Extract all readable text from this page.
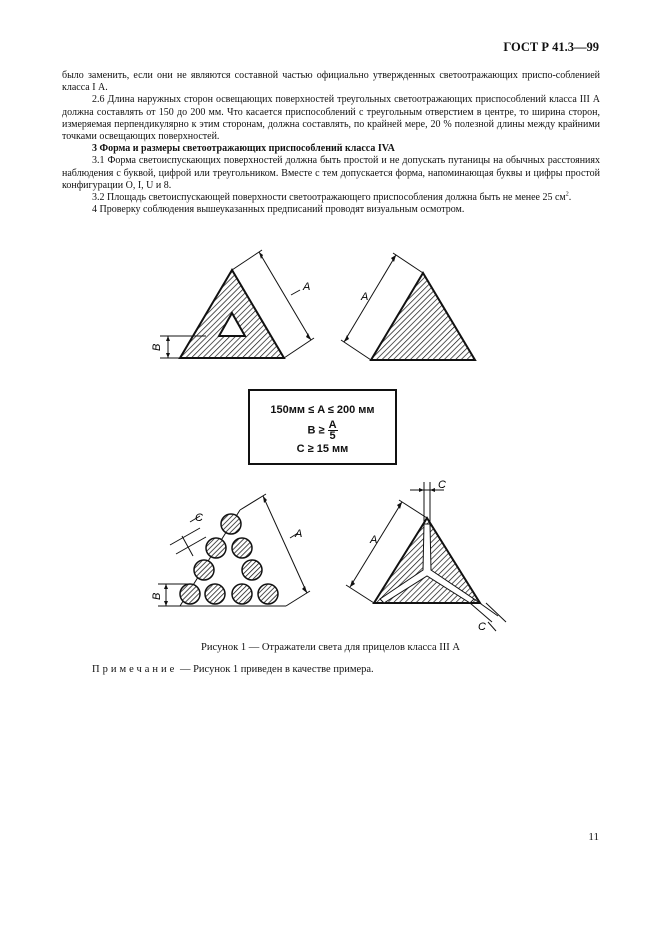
ГОСТ Р 41.3—99

было заменить, если они не являются составной частью официально утвержденных светоотражающих приспо-собленией класса I А.

2.6 Длина наружных сторон освещающих поверхностей треугольных светоотражающих приспособлений класса III А должна составлять от 150 до 200 мм. Что касается приспособлений с треугольным отверстием в центре, то ширина сторон, измеряемая перпендикулярно к этим сторонам, должна составлять, по крайней мере, 20 % полезной длины между крайними точками освещающих поверхностей.

3 Форма и размеры светоотражающих приспособлений класса IVA

3.1 Форма светоиспускающих поверхностей должна быть простой и не допускать путаницы на обычных расстояниях наблюдения с буквой, цифрой или треугольником. Вместе с тем допускается форма, напоминающая буквы и цифры простой конфигурации О, I, U и 8.

3.2 Площадь светоиспускающей поверхности светоотражающего приспособления должна быть не менее 25 $см^2$.

4 Проверку соблюдения вышеуказанных предписаний проводят визуальным осмотром.

A
B
A
A
C
B
A
C
C
150мм ≤ A ≤ 200 мм
$B \ge \frac{A}{5}$
C ≥ 15 мм
Рисунок 1 — Отражатели света для прицелов класса III А
Примечание — Рисунок 1 приведен в качестве примера.
11
